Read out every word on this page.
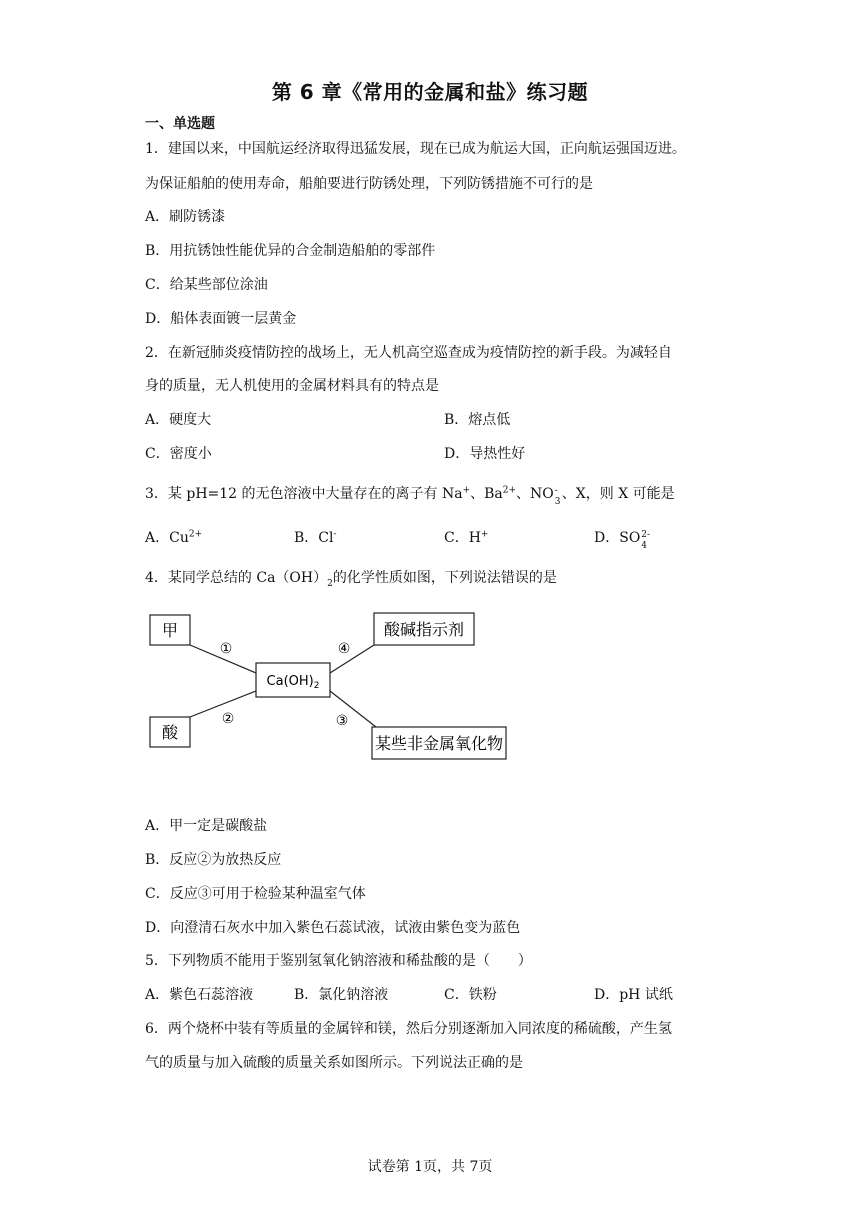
第 6 章《常用的金属和盐》练习题
一、单选题
1．建国以来，中国航运经济取得迅猛发展，现在已成为航运大国，正向航运强国迈进。
为保证船舶的使用寿命，船舶要进行防锈处理，下列防锈措施不可行的是
A．刷防锈漆
B．用抗锈蚀性能优异的合金制造船舶的零部件
C．给某些部位涂油
D．船体表面镀一层黄金
2．在新冠肺炎疫情防控的战场上，无人机高空巡查成为疫情防控的新手段。为减轻自
身的质量，无人机使用的金属材料具有的特点是
A．硬度大	B．熔点低
C．密度小	D．导热性好
3．某 pH=12 的无色溶液中大量存在的离子有 Na+、$Ba^{2+}$、NO -
3 、X，则 X 可能是
A．$Cu^{2+}$	B．Cl-	C．H+	D．SO 2-
4
4．某同学总结的 $Ca(OH)_2$的化学性质如图，下列说法错误的是
甲
酸
$Ca(OH)_2$
酸碱指示剂
某些非金属氧化物
①
②	③
④
A．甲一定是碳酸盐
B．反应②为放热反应
C．反应③可用于检验某种温室气体
D．向澄清石灰水中加入紫色石蕊试液，试液由紫色变为蓝色
5．下列物质不能用于鉴别氢氧化钠溶液和稀盐酸的是（　　）
A．紫色石蕊溶液	B．氯化钠溶液	C．铁粉	D．pH 试纸
6．两个烧杯中装有等质量的金属锌和镁，然后分别逐渐加入同浓度的稀硫酸，产生氢
气的质量与加入硫酸的质量关系如图所示。下列说法正确的是
试卷第 1页，共 7页
